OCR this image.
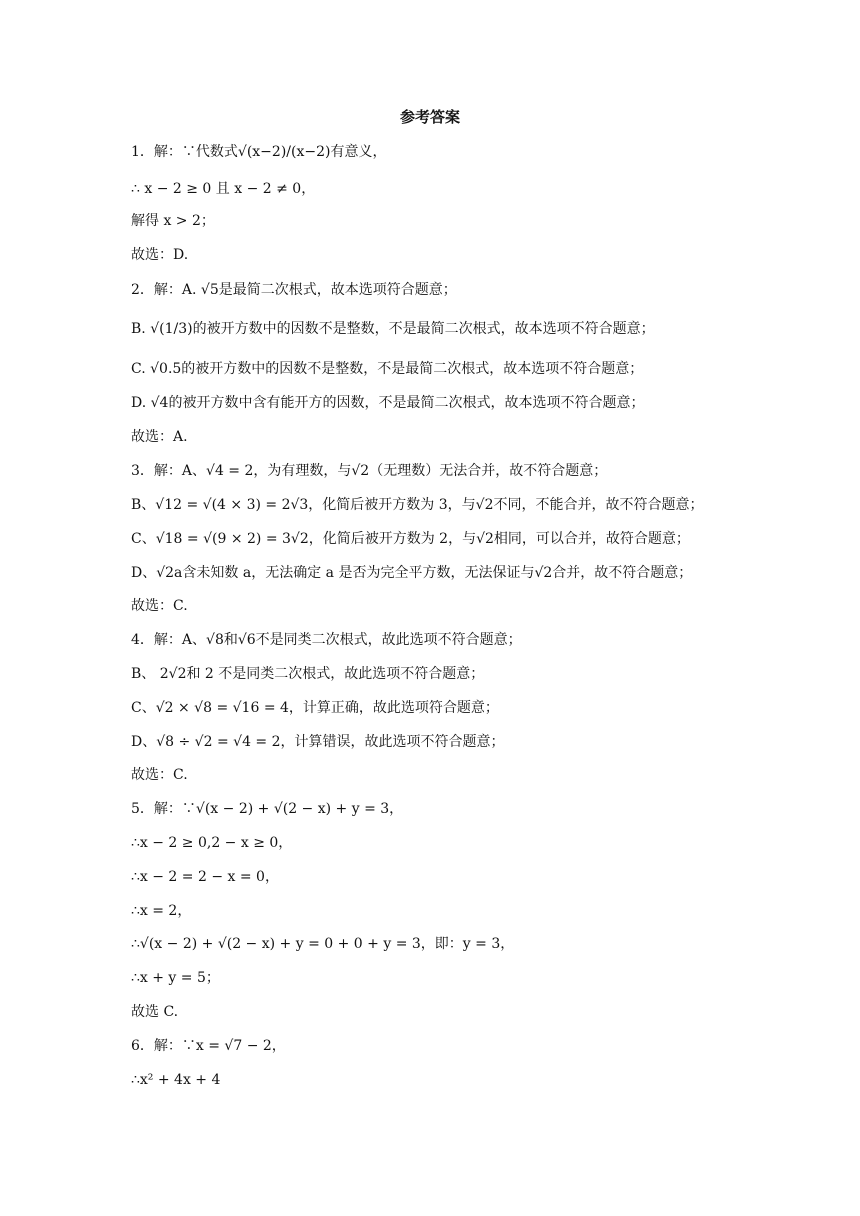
参考答案
1．解：∵代数式√(x−2)/(x−2)有意义，
∴ x − 2 ≥ 0 且 x − 2 ≠ 0，
解得 x > 2；
故选：D.
2．解：A. √5是最简二次根式，故本选项符合题意；
B. √(1/3)的被开方数中的因数不是整数，不是最简二次根式，故本选项不符合题意；
C. √0.5的被开方数中的因数不是整数，不是最简二次根式，故本选项不符合题意；
D. √4的被开方数中含有能开方的因数，不是最简二次根式，故本选项不符合题意；
故选：A.
3．解：A、√4 = 2，为有理数，与√2（无理数）无法合并，故不符合题意；
B、√12 = √(4 × 3) = 2√3，化简后被开方数为 3，与√2不同，不能合并，故不符合题意；
C、√18 = √(9 × 2) = 3√2，化简后被开方数为 2，与√2相同，可以合并，故符合题意；
D、√2a含未知数 a，无法确定 a 是否为完全平方数，无法保证与√2合并，故不符合题意；
故选：C.
4．解：A、√8和√6不是同类二次根式，故此选项不符合题意；
B、 2√2和 2 不是同类二次根式，故此选项不符合题意；
C、√2 × √8 = √16 = 4，计算正确，故此选项符合题意；
D、√8 ÷ √2 = √4 = 2，计算错误，故此选项不符合题意；
故选：C.
5．解：∵√(x − 2) + √(2 − x) + y = 3，
∴x − 2 ≥ 0,2 − x ≥ 0，
∴x − 2 = 2 − x = 0，
∴x = 2，
∴√(x − 2) + √(2 − x) + y = 0 + 0 + y = 3，即：y = 3，
∴x + y = 5；
故选 C.
6．解：∵x = √7 − 2，
∴x² + 4x + 4
